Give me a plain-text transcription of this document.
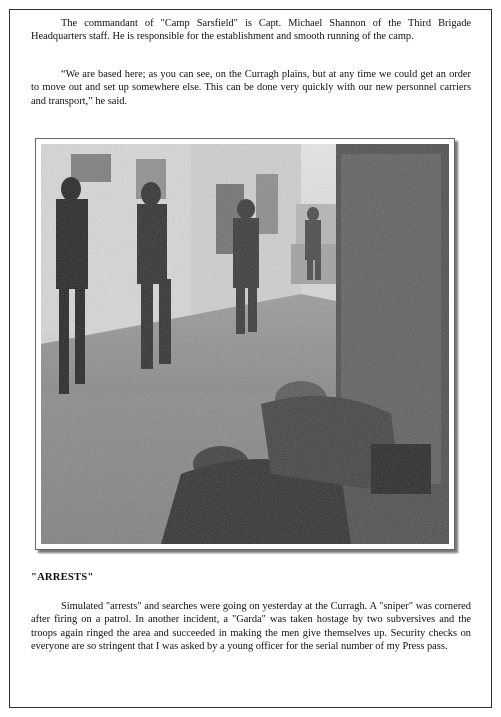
The commandant of "Camp Sarsfield" is Capt. Michael Shannon of the Third Brigade Headquarters staff. He is responsible for the establishment and smooth running of the camp.

“We are based here; as you can see, on the Curragh plains, but at any time we could get an order to move out and set up somewhere else. This can be done very quickly with our new personnel carriers and transport,” he said.

"ARRESTS"

Simulated "arrests" and searches were going on yesterday at the Curragh. A "sniper" was cornered after firing on a patrol. In another incident, a "Garda" was taken hostage by two subversives and the troops again ringed the area and succeeded in making the men give themselves up. Security checks on everyone are so stringent that I was asked by a young officer for the serial number of my Press pass.
